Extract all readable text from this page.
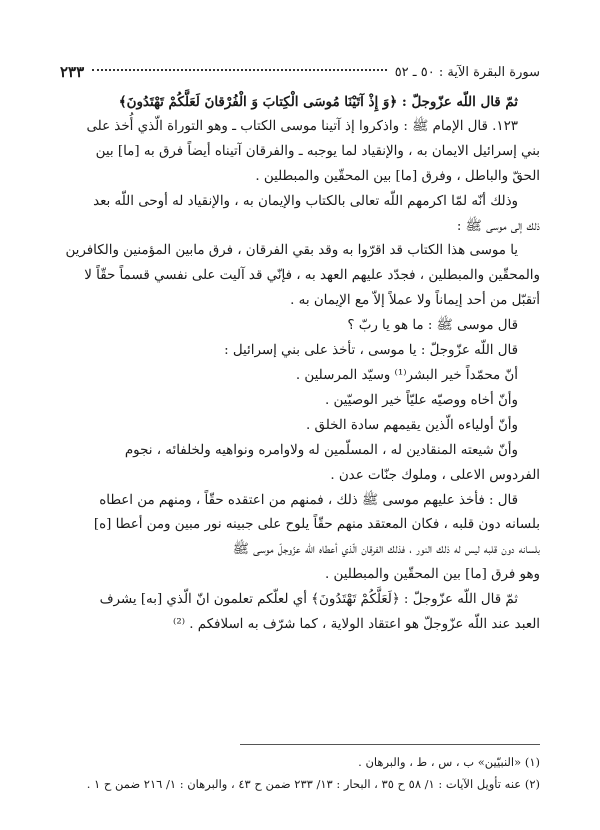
سورة البقرة الآية : ٥٠ ـ ٥٢
٢٣٣

ثمّ قال اللّه عزّوجلّ : ﴿وَ إِذْ آتَيْنَا مُوسَى الْكِتابَ وَ الْفُرْقانَ لَعَلَّكُمْ تَهْتَدُونَ﴾

١٢٣. قال الإمام ﷺ : واذكروا إذ آتينا موسى الكتاب ـ وهو التوراة الّذي أُخذ على

بني إسرائيل الايمان به ، والإنقياد لما يوجبه ـ والفرقان آتيناه أيضاً فرق به [ما] بين

الحقّ والباطل ، وفرق [ما] بين المحقّين والمبطلين .

وذلك أنّه لمّا اكرمهم اللّه تعالى بالكتاب والإيمان به ، والإنقياد له أوحى اللّه بعد

ذلك إلى موسى ﷺ :

يا موسى هذا الكتاب قد اقرّوا به وقد بقي الفرقان ، فرق مابين المؤمنين والكافرين

والمحقّين والمبطلين ، فجدّد عليهم العهد به ، فإنّي قد آليت على نفسي قسماً حقّاً لا

أتقبّل من أحد إيماناً ولا عملاً إلاّ مع الإيمان به .

قال موسى ﷺ : ما هو يا ربّ ؟

قال اللّه عزّوجلّ : يا موسى ، تأخذ على بني إسرائيل :

أنّ محمّداً خير البشر⁽¹⁾ وسيّد المرسلين .

وأنّ أخاه ووصيّه عليّاً خير الوصيّين .

وأنّ أولياءه الّذين يقيمهم سادة الخلق .

وأنّ شيعته المنقادين له ، المسلّمين له ولاوامره ونواهيه ولخلفائه ، نجوم

الفردوس الاعلى ، وملوك جنّات عدن .

قال : فأخذ عليهم موسى ﷺ ذلك ، فمنهم من اعتقده حقّاً ، ومنهم من اعطاه

بلسانه دون قلبه ، فكان المعتقد منهم حقّاً يلوح على جبينه نور مبين ومن أعطا [ه]

بلسانه دون قلبه ليس له ذلك النور ، فذلك الفرقان الّذي أعطاه اللّه عزّوجلّ موسى ﷺ

وهو فرق [ما] بين المحقّين والمبطلين .

ثمّ قال اللّه عزّوجلّ : ﴿لَعَلَّكُمْ تَهْتَدُونَ﴾ أي لعلّكم تعلمون انّ الّذي [به] يشرف

العبد عند اللّه عزّوجلّ هو اعتقاد الولاية ، كما شرّف به اسلافكم . ⁽²⁾

(١) «النبيّين» ب ، س ، ط ، والبرهان .

(٢) عنه تأويل الآيات : ١/ ٥٨ ح ٣٥ ، البحار : ١٣/ ٢٣٣ ضمن ح ٤٣ ، والبرهان : ١/ ٢١٦ ضمن ح ١ .
